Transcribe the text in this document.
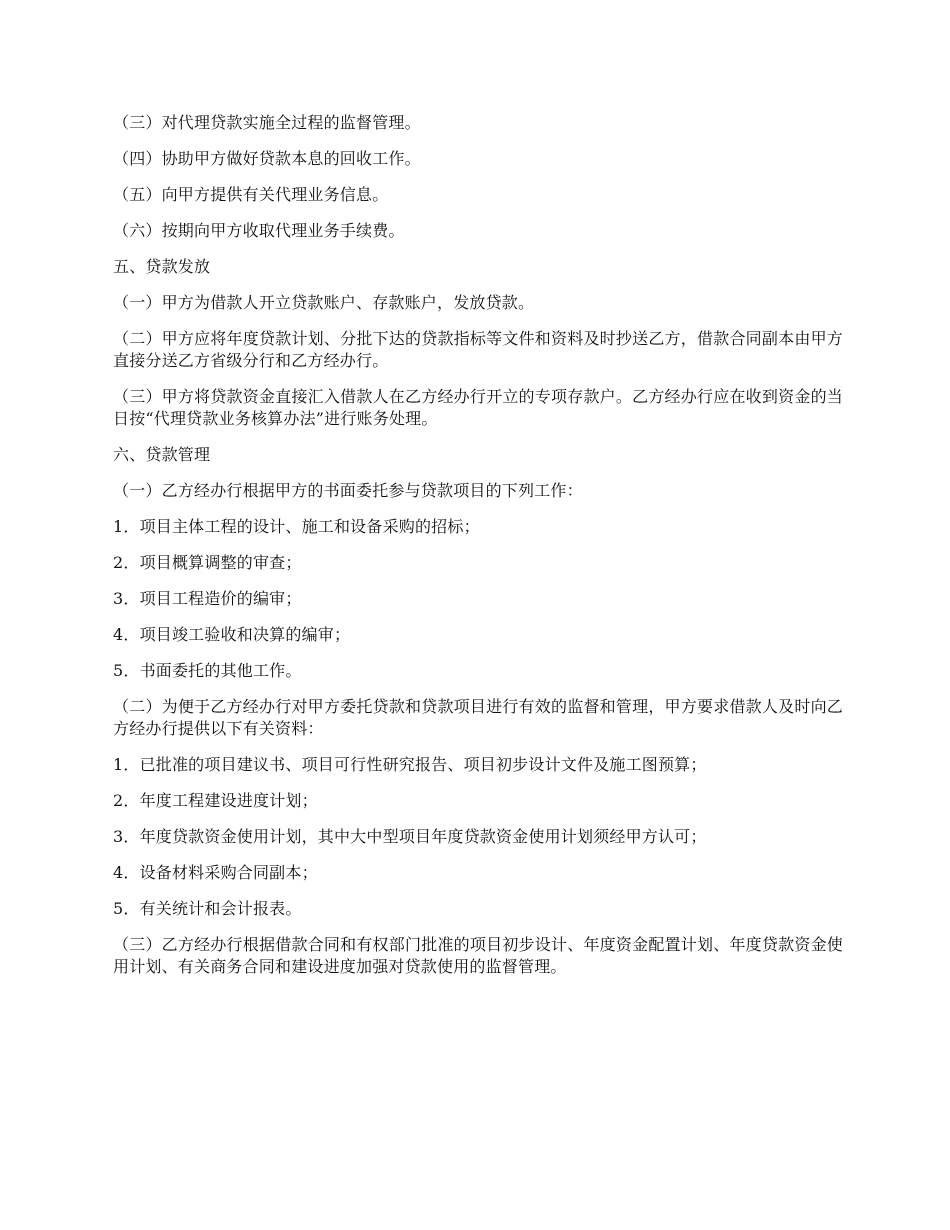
（三）对代理贷款实施全过程的监督管理。

（四）协助甲方做好贷款本息的回收工作。

（五）向甲方提供有关代理业务信息。

（六）按期向甲方收取代理业务手续费。

五、贷款发放

（一）甲方为借款人开立贷款账户、存款账户，发放贷款。

（二）甲方应将年度贷款计划、分批下达的贷款指标等文件和资料及时抄送乙方，借款合同副本由甲方直接分送乙方省级分行和乙方经办行。

（三）甲方将贷款资金直接汇入借款人在乙方经办行开立的专项存款户。乙方经办行应在收到资金的当日按“代理贷款业务核算办法”进行账务处理。

六、贷款管理

（一）乙方经办行根据甲方的书面委托参与贷款项目的下列工作：

1．项目主体工程的设计、施工和设备采购的招标；

2．项目概算调整的审查；

3．项目工程造价的编审；

4．项目竣工验收和决算的编审；

5．书面委托的其他工作。

（二）为便于乙方经办行对甲方委托贷款和贷款项目进行有效的监督和管理，甲方要求借款人及时向乙方经办行提供以下有关资料：

1．已批准的项目建议书、项目可行性研究报告、项目初步设计文件及施工图预算；

2．年度工程建设进度计划；

3．年度贷款资金使用计划，其中大中型项目年度贷款资金使用计划须经甲方认可；

4．设备材料采购合同副本；

5．有关统计和会计报表。

（三）乙方经办行根据借款合同和有权部门批准的项目初步设计、年度资金配置计划、年度贷款资金使用计划、有关商务合同和建设进度加强对贷款使用的监督管理。
